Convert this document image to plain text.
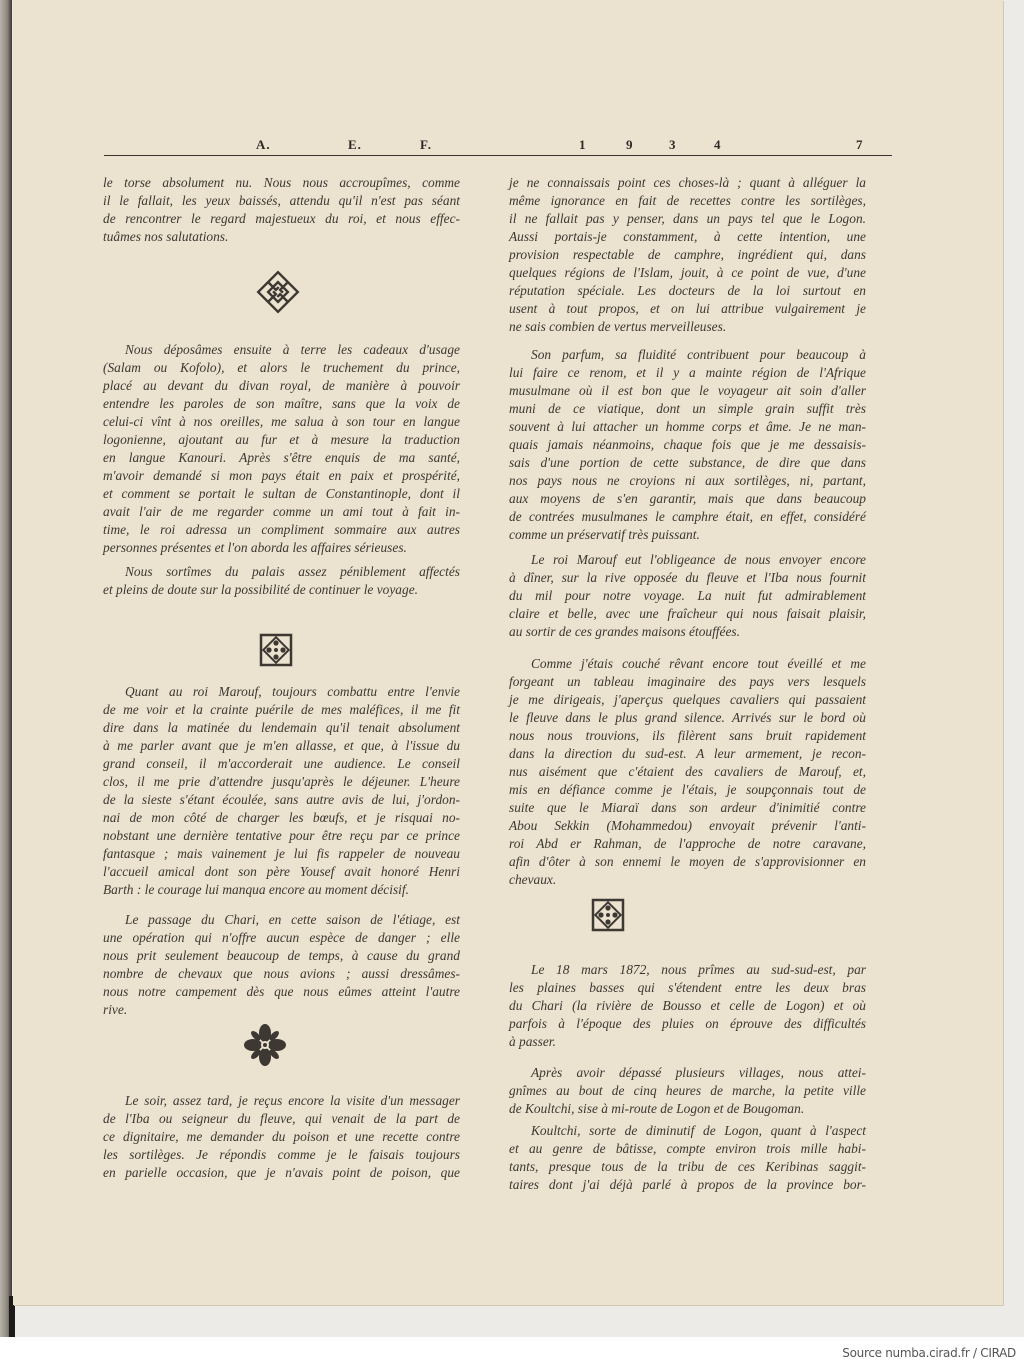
A.	E.	F.	1	9	3	4	7
le torse absolument nu. Nous nous accroupîmes, comme
il le fallait, les yeux baissés, attendu qu'il n'est pas séant
de rencontrer le regard majestueux du roi, et nous effec-
tuâmes nos salutations.
Nous déposâmes ensuite à terre les cadeaux d'usage
(Salam ou Kofolo), et alors le truchement du prince,
placé au devant du divan royal, de manière à pouvoir
entendre les paroles de son maître, sans que la voix de
celui-ci vînt à nos oreilles, me salua à son tour en langue
logonienne, ajoutant au fur et à mesure la traduction
en langue Kanouri. Après s'être enquis de ma santé,
m'avoir demandé si mon pays était en paix et prospérité,
et comment se portait le sultan de Constantinople, dont il
avait l'air de me regarder comme un ami tout à fait in-
time, le roi adressa un compliment sommaire aux autres
personnes présentes et l'on aborda les affaires sérieuses.
Nous sortîmes du palais assez péniblement affectés
et pleins de doute sur la possibilité de continuer le voyage.
Quant au roi Marouf, toujours combattu entre l'envie
de me voir et la crainte puérile de mes maléfices, il me fit
dire dans la matinée du lendemain qu'il tenait absolument
à me parler avant que je m'en allasse, et que, à l'issue du
grand conseil, il m'accorderait une audience. Le conseil
clos, il me prie d'attendre jusqu'après le déjeuner. L'heure
de la sieste s'étant écoulée, sans autre avis de lui, j'ordon-
nai de mon côté de charger les bœufs, et je risquai no-
nobstant une dernière tentative pour être reçu par ce prince
fantasque ; mais vainement je lui fis rappeler de nouveau
l'accueil amical dont son père Yousef avait honoré Henri
Barth : le courage lui manqua encore au moment décisif.
Le passage du Chari, en cette saison de l'étiage, est
une opération qui n'offre aucun espèce de danger ; elle
nous prit seulement beaucoup de temps, à cause du grand
nombre de chevaux que nous avions ; aussi dressâmes-
nous notre campement dès que nous eûmes atteint l'autre
rive.
Le soir, assez tard, je reçus encore la visite d'un messager
de l'Iba ou seigneur du fleuve, qui venait de la part de
ce dignitaire, me demander du poison et une recette contre
les sortilèges. Je répondis comme je le faisais toujours
en parielle occasion, que je n'avais point de poison, que
je ne connaissais point ces choses-là ; quant à alléguer la
même ignorance en fait de recettes contre les sortilèges,
il ne fallait pas y penser, dans un pays tel que le Logon.
Aussi portais-je constamment, à cette intention, une
provision respectable de camphre, ingrédient qui, dans
quelques régions de l'Islam, jouit, à ce point de vue, d'une
réputation spéciale. Les docteurs de la loi surtout en
usent à tout propos, et on lui attribue vulgairement je
ne sais combien de vertus merveilleuses.
Son parfum, sa fluidité contribuent pour beaucoup à
lui faire ce renom, et il y a mainte région de l'Afrique
musulmane où il est bon que le voyageur ait soin d'aller
muni de ce viatique, dont un simple grain suffit très
souvent à lui attacher un homme corps et âme. Je ne man-
quais jamais néanmoins, chaque fois que je me dessaisis-
sais d'une portion de cette substance, de dire que dans
nos pays nous ne croyions ni aux sortilèges, ni, partant,
aux moyens de s'en garantir, mais que dans beaucoup
de contrées musulmanes le camphre était, en effet, considéré
comme un préservatif très puissant.
Le roi Marouf eut l'obligeance de nous envoyer encore
à dîner, sur la rive opposée du fleuve et l'Iba nous fournit
du mil pour notre voyage. La nuit fut admirablement
claire et belle, avec une fraîcheur qui nous faisait plaisir,
au sortir de ces grandes maisons étouffées.
Comme j'étais couché rêvant encore tout éveillé et me
forgeant un tableau imaginaire des pays vers lesquels
je me dirigeais, j'aperçus quelques cavaliers qui passaient
le fleuve dans le plus grand silence. Arrivés sur le bord où
nous nous trouvions, ils filèrent sans bruit rapidement
dans la direction du sud-est. A leur armement, je recon-
nus aisément que c'étaient des cavaliers de Marouf, et,
mis en défiance comme je l'étais, je soupçonnais tout de
suite que le Miaraï dans son ardeur d'inimitié contre
Abou Sekkin (Mohammedou) envoyait prévenir l'anti-
roi Abd er Rahman, de l'approche de notre caravane,
afin d'ôter à son ennemi le moyen de s'approvisionner en
chevaux.
Le 18 mars 1872, nous prîmes au sud-sud-est, par
les plaines basses qui s'étendent entre les deux bras
du Chari (la rivière de Bousso et celle de Logon) et où
parfois à l'époque des pluies on éprouve des difficultés
à passer.
Après avoir dépassé plusieurs villages, nous attei-
gnîmes au bout de cinq heures de marche, la petite ville
de Koultchi, sise à mi-route de Logon et de Bougoman.
Koultchi, sorte de diminutif de Logon, quant à l'aspect
et au genre de bâtisse, compte environ trois mille habi-
tants, presque tous de la tribu de ces Keribinas saggit-
taires dont j'ai déjà parlé à propos de la province bor-
Source numba.cirad.fr / CIRAD
